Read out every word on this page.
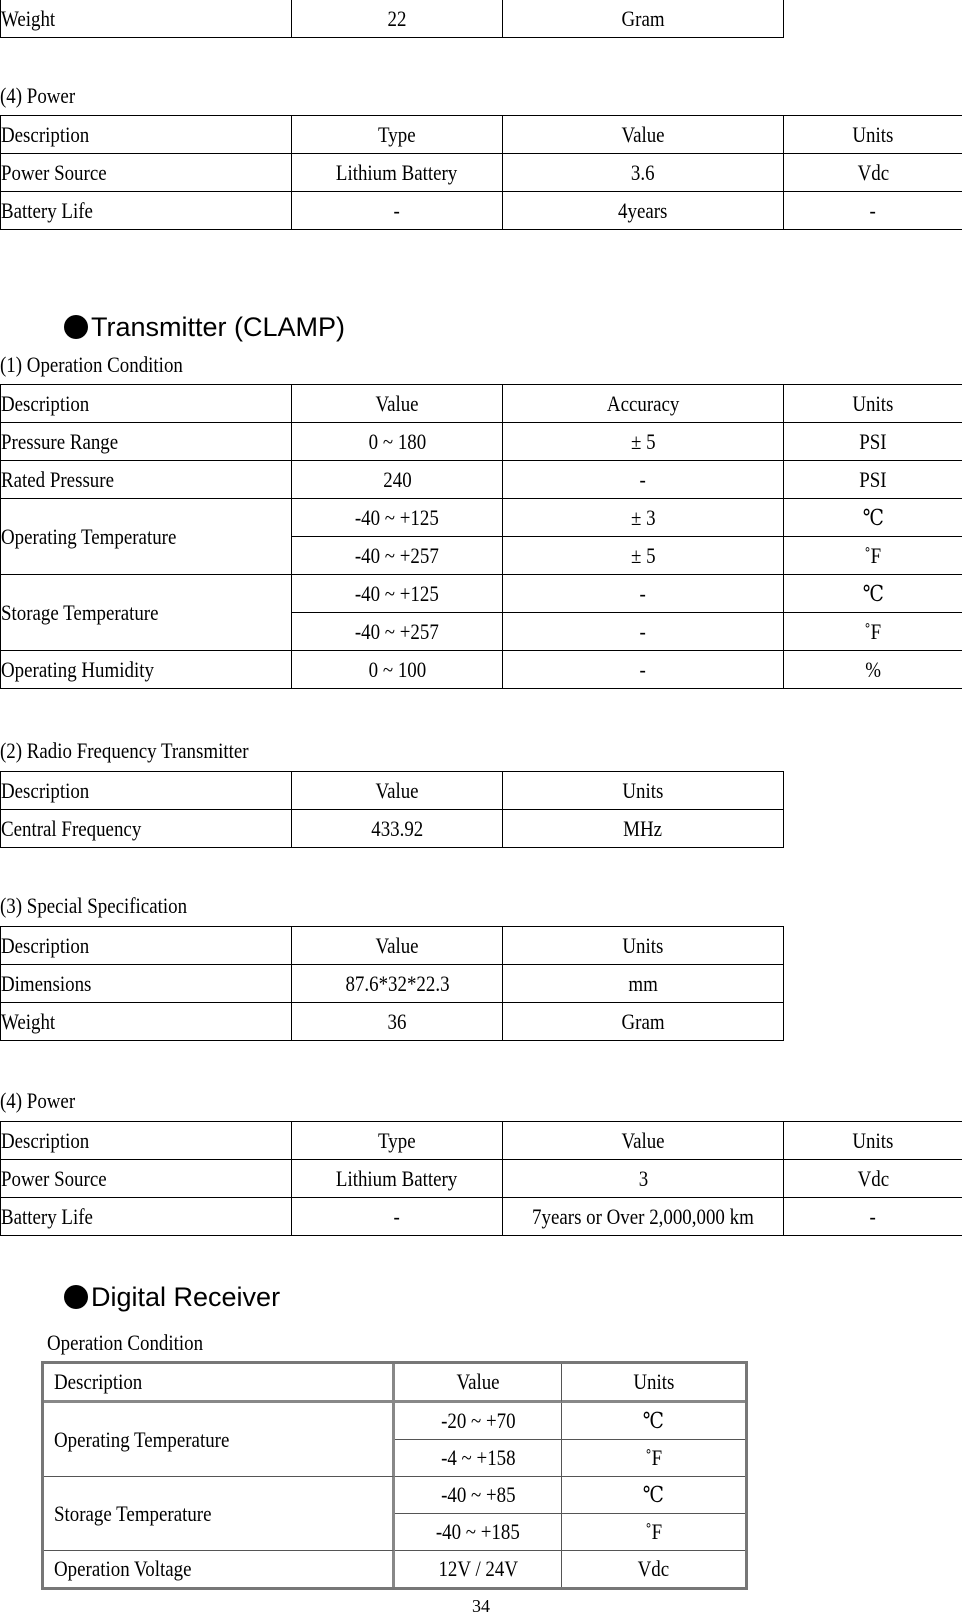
Weight	22	Gram
(4) Power
Description	Type	Value	Units
Power Source	Lithium Battery	3.6	Vdc
Battery Life	-	4years	-
Transmitter (CLAMP)
(1) Operation Condition
Description	Value	Accuracy	Units
Pressure Range	0 ~ 180	± 5	PSI
Rated Pressure	240	-	PSI
Operating Temperature	-40 ~ +125	± 3	℃
	-40 ~ +257	± 5	˚F
Storage Temperature	-40 ~ +125	-	℃
	-40 ~ +257	-	˚F
Operating Humidity	0 ~ 100	-	%
(2) Radio Frequency Transmitter
Description	Value	Units
Central Frequency	433.92	MHz
(3) Special Specification
Description	Value	Units
Dimensions	87.6*32*22.3	mm
Weight	36	Gram
(4) Power
Description	Type	Value	Units
Power Source	Lithium Battery	3	Vdc
Battery Life	-	7years or Over 2,000,000 km	-
Digital Receiver
Operation Condition
Description	Value	Units
Operating Temperature	-20 ~ +70	℃
	-4 ~ +158	˚F
Storage Temperature	-40 ~ +85	℃
	-40 ~ +185	˚F
Operation Voltage	12V / 24V	Vdc
34
